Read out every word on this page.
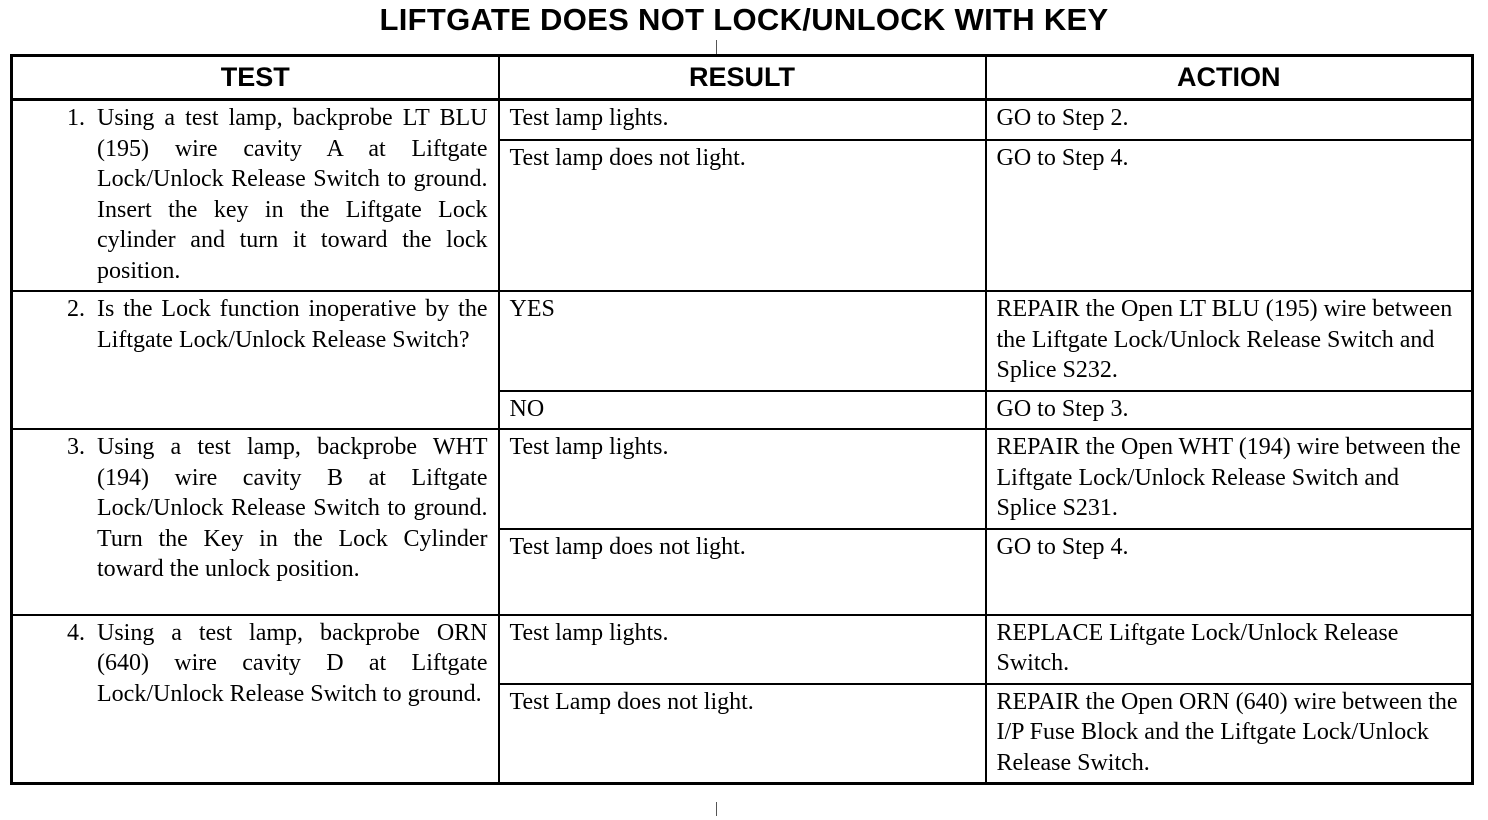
LIFTGATE DOES NOT LOCK/UNLOCK WITH KEY
TEST	RESULT	ACTION

1. Using a test lamp, backprobe LT BLU (195) wire cavity A at Liftgate Lock/Unlock Release Switch to ground. Insert the key in the Liftgate Lock cylinder and turn it toward the lock position.	Test lamp lights.	GO to Step 2.
	Test lamp does not light.	GO to Step 4.

2. Is the Lock function inoperative by the Liftgate Lock/Unlock Release Switch?	YES	REPAIR the Open LT BLU (195) wire between the Liftgate Lock/Unlock Release Switch and Splice S232.
	NO	GO to Step 3.

3. Using a test lamp, backprobe WHT (194) wire cavity B at Liftgate Lock/Unlock Release Switch to ground. Turn the Key in the Lock Cylinder toward the unlock position.	Test lamp lights.	REPAIR the Open WHT (194) wire between the Liftgate Lock/Unlock Release Switch and Splice S231.
	Test lamp does not light.	GO to Step 4.

4. Using a test lamp, backprobe ORN (640) wire cavity D at Liftgate Lock/Unlock Release Switch to ground.	Test lamp lights.	REPLACE Liftgate Lock/Unlock Release Switch.
	Test Lamp does not light.	REPAIR the Open ORN (640) wire between the I/P Fuse Block and the Liftgate Lock/Unlock Release Switch.
